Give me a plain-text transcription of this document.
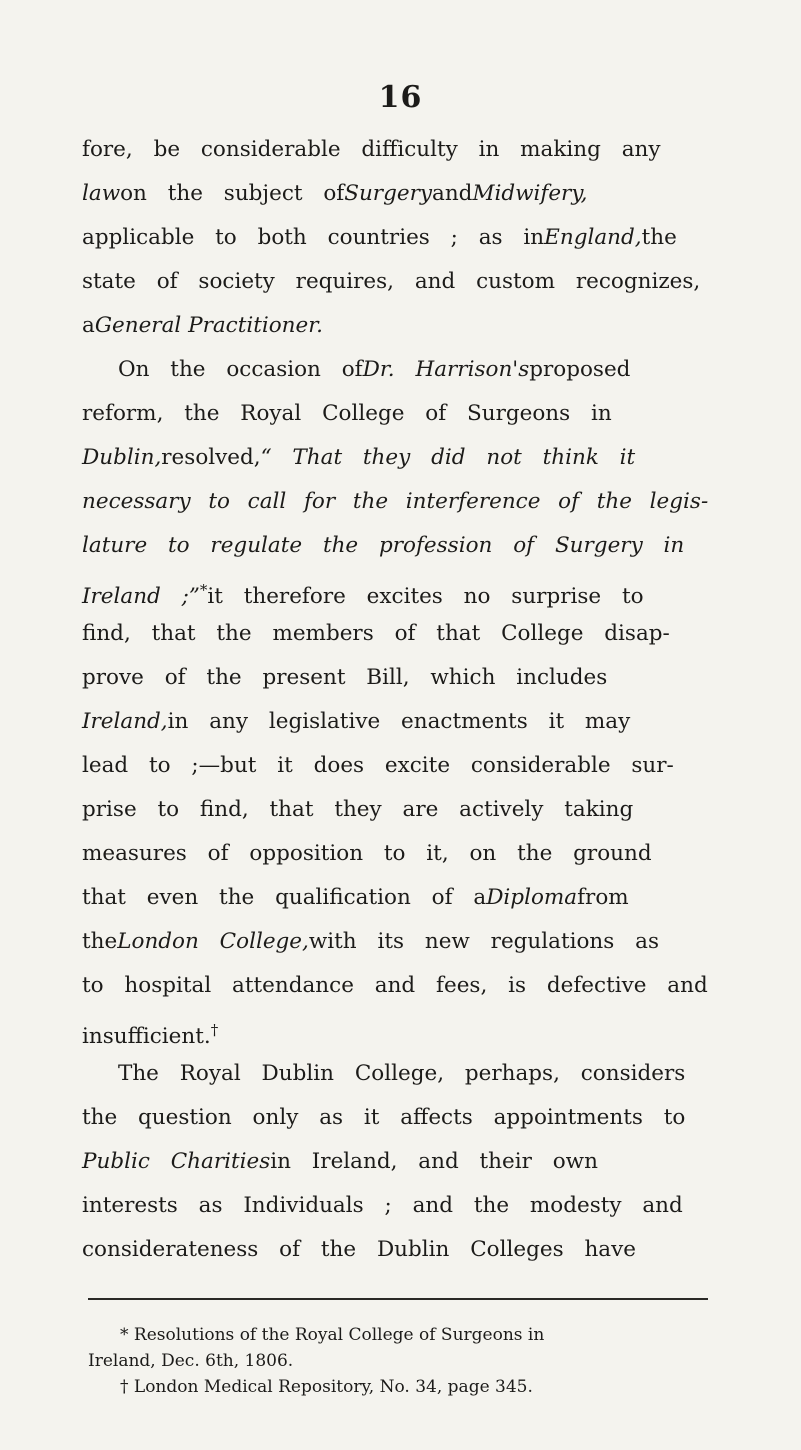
16
fore, be considerable difficulty in making any
lawon the subject ofSurgeryandMidwifery,
applicable to both countries ; as inEngland,the
state of society requires, and custom recognizes,
aGeneral Practitioner.
On the occasion ofDr. Harrison'sproposed
reform, the Royal College of Surgeons in
Dublin,resolved,“ That they did not think it
necessary to call for the interference of the legis-
lature to regulate the profession of Surgery in
Ireland ;”*it therefore excites no surprise to
find, that the members of that College disap-
prove of the present Bill, which includes
Ireland,in any legislative enactments it may
lead to ;—but it does excite considerable sur-
prise to find, that they are actively taking
measures of opposition to it, on the ground
that even the qualification of aDiplomafrom
theLondon College,with its new regulations as
to hospital attendance and fees, is defective and
insufficient.†
The Royal Dublin College, perhaps, considers
the question only as it affects appointments to
Public Charitiesin Ireland, and their own
interests as Individuals ; and the modesty and
considerateness of the Dublin Colleges have
* Resolutions of the Royal College of Surgeons in
Ireland, Dec. 6th, 1806.
† London Medical Repository, No. 34, page 345.
